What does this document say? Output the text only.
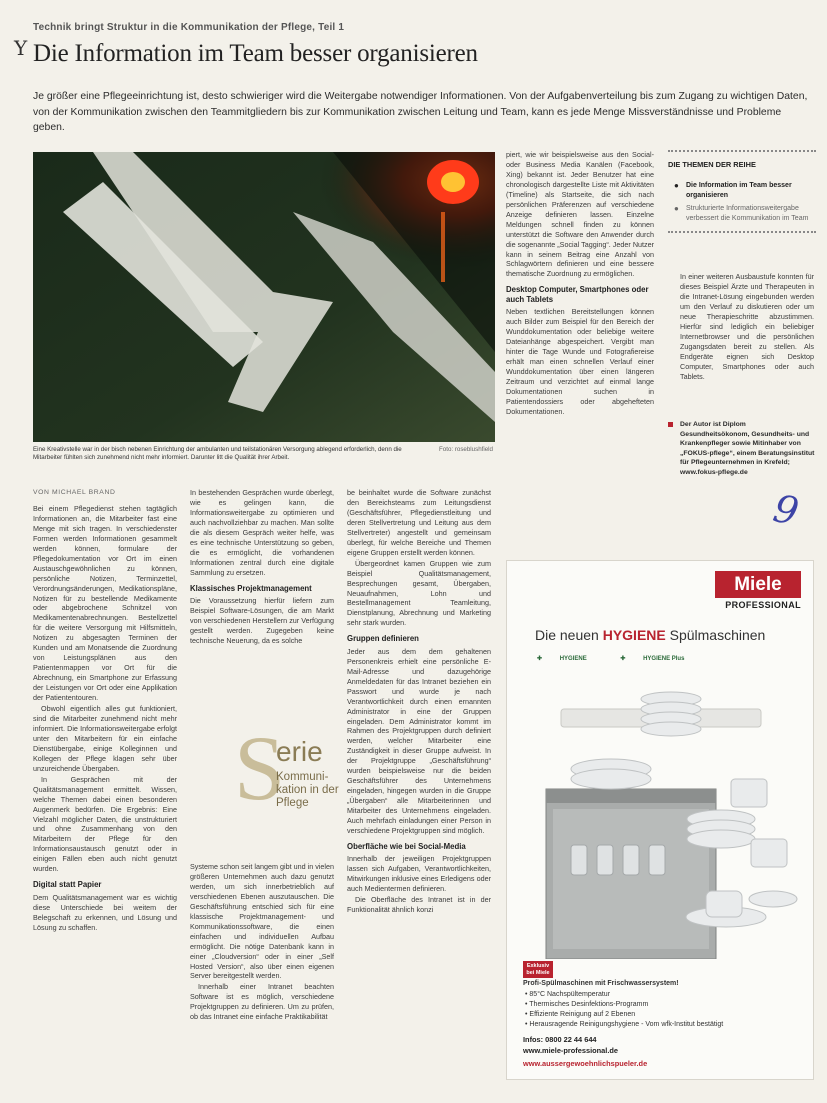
Y
Technik bringt Struktur in die Kommunikation der Pflege, Teil 1
Die Information im Team besser organisieren

Je größer eine Pflegeeinrichtung ist, desto schwieriger wird die Weitergabe notwendiger Informationen. Von der Aufgabenverteilung bis zum Zugang zu wichtigen Daten, von der Kommunikation zwischen den Teammitgliedern bis zur Kommunikation zwischen Leitung und Team, kann es jede Menge Missverständnisse und Probleme geben.

Eine Kreativstelle war in der bisch nebenen Einrichtung der ambulanten und teilstationären Versorgung ablegend erforderlich, denn die Mitarbeiter fühlten sich zunehmend nicht mehr informiert. Darunter litt die Qualität ihrer Arbeit.
Foto: roseblushfield
VON MICHAEL BRAND

Bei einem Pflegedienst stehen tagtäglich Informationen an, die Mitarbeiter fast eine Menge mit sich tragen. In verschiedenster Formen werden Informationen gesammelt werden können, formulare der Pflegedokumentation vor Ort im einen Austauschgewöhnlichen zu können, persönliche Notizen, Terminzettel, Verordnungsänderungen, Medikationspläne, Notizen für zu bestellende Medikamente oder abgebrochene Schnitzel von Medikamentenabrechnungen. Bestellzettel für die weitere Versorgung mit Hilfsmitteln, Notizen zu abgesagten Terminen der Kunden und am Monatsende die Zuordnung von Leistungsplänen aus den Patientenmappen vor Ort für die Abrechnung, ein Smartphone zur Erfassung der Leistungen vor Ort oder eine Applikation der Patiententouren.

Obwohl eigentlich alles gut funktioniert, sind die Mitarbeiter zunehmend nicht mehr informiert. Die Informationsweitergabe erfolgt unter den Mitarbeitern für ein einfache Dienstübergabe, einige Kolleginnen und Kollegen der Pflege klagen sehr über unzureichende Übergaben.

In Gesprächen mit der Qualitätsmanagement ermittelt. Wissen, welche Themen dabei einen besonderen Augenmerk bedürfen. Die Ergebnis: Eine Vielzahl möglicher Daten, die unstrukturiert und ohne Zusammenhang von den Mitarbeitern der Pflege für den Informationsaustausch genutzt oder in einigen Fällen eben auch nicht genutzt wurden.

Digital statt Papier

Dem Qualitätsmanagement war es wichtig diese Unterschiede bei weitem der Belegschaft zu erkennen, und Lösung und Lösung zu schaffen.

In bestehenden Gesprächen wurde überlegt, wie es gelingen kann, die Informationsweitergabe zu optimieren und auch nachvollziehbar zu machen. Man sollte die als diesem Gespräch weiter helfe, was es eine technische Unterstützung so geben, die es ermöglicht, die vorhandenen Informationen zentral durch eine digitale Sammlung zu ersetzen.

Klassisches Projektmanagement

Die Voraussetzung hierfür liefern zum Beispiel Software-Lösungen, die am Markt von verschiedenen Herstellern zur Verfügung gestellt werden. Zugegeben keine technische Neuerung, da es solche

S
erie
Kommuni-
kation in der
Pflege

Systeme schon seit langem gibt und in vielen größeren Unternehmen auch dazu genutzt werden, um sich innerbetrieblich auf verschiedenen Ebenen auszutauschen. Die Geschäftsführung entschied sich für eine klassische Projektmanagement- und Kommunikationssoftware, die einen einfachen und individuellen Aufbau ermöglicht. Die nötige Datenbank kann in einer „Cloudversion“ oder in einer „Self Hosted Version“, also über einen eigenen Server bereitgestellt werden.

Innerhalb einer Intranet beachten Software ist es möglich, verschiedene Projektgruppen zu definieren. Um zu prüfen, ob das Intranet eine einfache Praktikabilität

be beinhaltet wurde die Software zunächst den Bereichsteams zum Leitungsdienst (Geschäftsführer, Pflegedienstleitung und deren Stellvertretung und Leitung aus dem Stellvertreter) angestellt und gemeinsam überlegt, für welche Bereiche und Themen eigene Gruppen erstellt werden können.

Übergeordnet kamen Gruppen wie zum Beispiel Qualitätsmanagement, Besprechungen gesamt, Übergaben, Neuaufnahmen, Lohn und Bestellmanagement Teamleitung, Dienstplanung, Abrechnung und Marketing sehr stark wurden.

Gruppen definieren

Jeder aus dem dem gehaltenen Personenkreis erhielt eine persönliche E-Mail-Adresse und dazugehörige Anmeldedaten für das Intranet beziehen ein Passwort und wurde je nach Verantwortlichkeit durch einen ernannten Administrator in eine der Gruppen eingeladen. Dem Administrator kommt im Rahmen des Projektgruppen durch definiert werden, welcher Mitarbeiter eine Zuständigkeit in dieser Gruppe aufweist. In der Projektgruppe „Geschäftsführung“ wurden beispielsweise nur die beiden Geschäftsführer des Unternehmens eingeladen, hingegen wurden in die Gruppe „Übergaben“ alle Mitarbeiterinnen und Mitarbeiter des Unternehmens eingeladen. Auch mehrfach einladungen einer Person in verschiedene Projektgruppen sind möglich.

Oberfläche wie bei Social-Media

Innerhalb der jeweiligen Projektgruppen lassen sich Aufgaben, Verantwortlichkeiten, Mitwirkungen inklusive eines Erledigens oder auch Medientermen definieren.

Die Oberfläche des Intranet ist in der Funktionalität ähnlich konzi

piert, wie wir beispielsweise aus den Social- oder Business Media Kanälen (Facebook, Xing) bekannt ist. Jeder Benutzer hat eine chronologisch dargestellte Liste mit Aktivitäten (Timeline) als Startseite, die sich nach persönlichen Präferenzen auf verschiedene Anzeige definieren lassen. Einzelne Meldungen schnell finden zu können unterstützt die Software den Anwender durch die sogenannte „Social Tagging“. Jeder Nutzer kann in seinem Beitrag eine Anzahl von Schlagwörtern definieren und eine bessere thematische Zuordnung zu ermöglichen.

Desktop Computer, Smartphones oder auch Tablets

Neben textlichen Bereitstellungen können auch Bilder zum Beispiel für den Bereich der Wunddokumentation oder beliebige weitere Dateianhänge abgespeichert. Vergibt man hinter die Tage Wunde und Fotografiereise erhält man einen schnellen Verlauf einer Wunddokumentation über einen längeren Zeitraum und verzichtet auf einmal lange Dokumentationen suchen in Patientendossiers oder abgehefteten Dokumentationen.

DIE THEMEN DER REIHE
● Die Information im Team besser organisieren
● Strukturierte Informationsweitergabe verbessert die Kommunikation im Team

In einer weiteren Ausbaustufe konnten für dieses Beispiel Ärzte und Therapeuten in die Intranet-Lösung eingebunden werden um den Verlauf zu diskutieren oder um neue Therapieschritte abzustimmen. Hierfür sind lediglich ein beliebiger Internetbrowser und die persönlichen Zugangsdaten bereit zu stellen. Als Endgeräte eignen sich Desktop Computer, Smartphones oder auch Tablets.

Der Autor ist Diplom Gesundheitsökonom, Gesundheits- und Krankenpfleger sowie Mitinhaber von „FOKUS-pflege“, einem Beratungsinstitut für Pflegeunternehmen in Krefeld; www.fokus-pflege.de
9
Miele
PROFESSIONAL
Die neuen HYGIENE Spülmaschinen
✚	HYGIENE	✚	HYGIENE Plus
Exklusiv
bei Miele
Profi-Spülmaschinen mit Frischwassersystem!
• 85°C Nachspültemperatur
• Thermisches Desinfektions-Programm
• Effiziente Reinigung auf 2 Ebenen
• Herausragende Reinigungshygiene - Vom wfk-Institut bestätigt
Infos: 0800 22 44 644
www.miele-professional.de
www.aussergewoehnlichspueler.de
